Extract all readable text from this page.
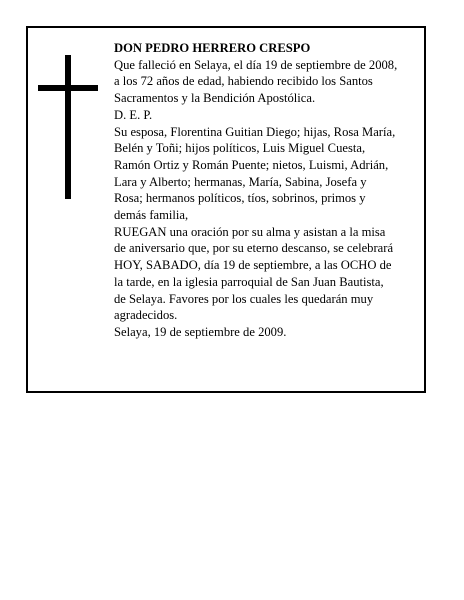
DON PEDRO HERRERO CRESPO

Que falleció en Selaya, el día 19 de septiembre de 2008,

a los 72 años de edad, habiendo recibido los Santos

Sacramentos y la Bendición Apostólica.

D. E. P.

Su esposa, Florentina Guitian Diego; hijas, Rosa María,

Belén y Toñi; hijos políticos, Luis Miguel Cuesta,

Ramón Ortiz y Román Puente; nietos, Luismi, Adrián,

Lara y Alberto; hermanas, María, Sabina, Josefa y

Rosa; hermanos políticos, tíos, sobrinos, primos y

demás familia,

RUEGAN una oración por su alma y asistan a la misa

de aniversario que, por su eterno descanso, se celebrará

HOY, SABADO, día 19 de septiembre, a las OCHO de

la tarde, en la iglesia parroquial de San Juan Bautista,

de Selaya. Favores por los cuales les quedarán muy

agradecidos.

Selaya, 19 de septiembre de 2009.
